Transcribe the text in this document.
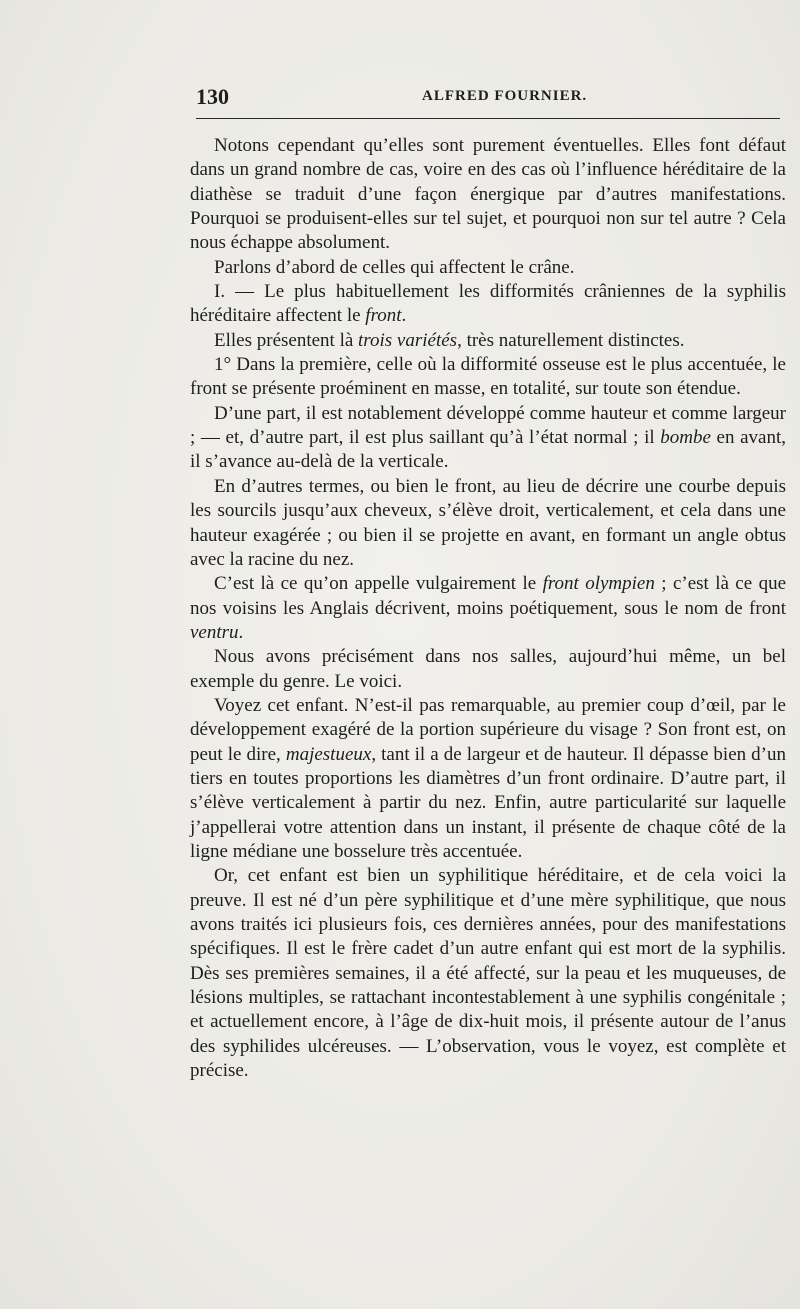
130	ALFRED FOURNIER.

Notons cependant qu’elles sont purement éventuelles. Elles font défaut dans un grand nombre de cas, voire en des cas où l’influence héréditaire de la diathèse se traduit d’une façon énergique par d’autres manifestations. Pourquoi se produisent-elles sur tel sujet, et pourquoi non sur tel autre ? Cela nous échappe absolument.

Parlons d’abord de celles qui affectent le crâne.

I. — Le plus habituellement les difformités crâniennes de la syphilis héréditaire affectent le front.

Elles présentent là trois variétés, très naturellement distinctes.

1° Dans la première, celle où la difformité osseuse est le plus accentuée, le front se présente proéminent en masse, en totalité, sur toute son étendue.

D’une part, il est notablement développé comme hauteur et comme largeur ; — et, d’autre part, il est plus saillant qu’à l’état normal ; il bombe en avant, il s’avance au-delà de la verticale.

En d’autres termes, ou bien le front, au lieu de décrire une courbe depuis les sourcils jusqu’aux cheveux, s’élève droit, verticalement, et cela dans une hauteur exagérée ; ou bien il se projette en avant, en formant un angle obtus avec la racine du nez.

C’est là ce qu’on appelle vulgairement le front olympien ; c’est là ce que nos voisins les Anglais décrivent, moins poétiquement, sous le nom de front ventru.

Nous avons précisément dans nos salles, aujourd’hui même, un bel exemple du genre. Le voici.

Voyez cet enfant. N’est-il pas remarquable, au premier coup d’œil, par le développement exagéré de la portion supérieure du visage ? Son front est, on peut le dire, majestueux, tant il a de largeur et de hauteur. Il dépasse bien d’un tiers en toutes proportions les diamètres d’un front ordinaire. D’autre part, il s’élève verticalement à partir du nez. Enfin, autre particularité sur laquelle j’appellerai votre attention dans un instant, il présente de chaque côté de la ligne médiane une bosselure très accentuée.

Or, cet enfant est bien un syphilitique héréditaire, et de cela voici la preuve. Il est né d’un père syphilitique et d’une mère syphilitique, que nous avons traités ici plusieurs fois, ces dernières années, pour des manifestations spécifiques. Il est le frère cadet d’un autre enfant qui est mort de la syphilis. Dès ses premières semaines, il a été affecté, sur la peau et les muqueuses, de lésions multiples, se rattachant incontestablement à une syphilis congénitale ; et actuellement encore, à l’âge de dix-huit mois, il présente autour de l’anus des syphilides ulcéreuses. — L’observation, vous le voyez, est complète et précise.
